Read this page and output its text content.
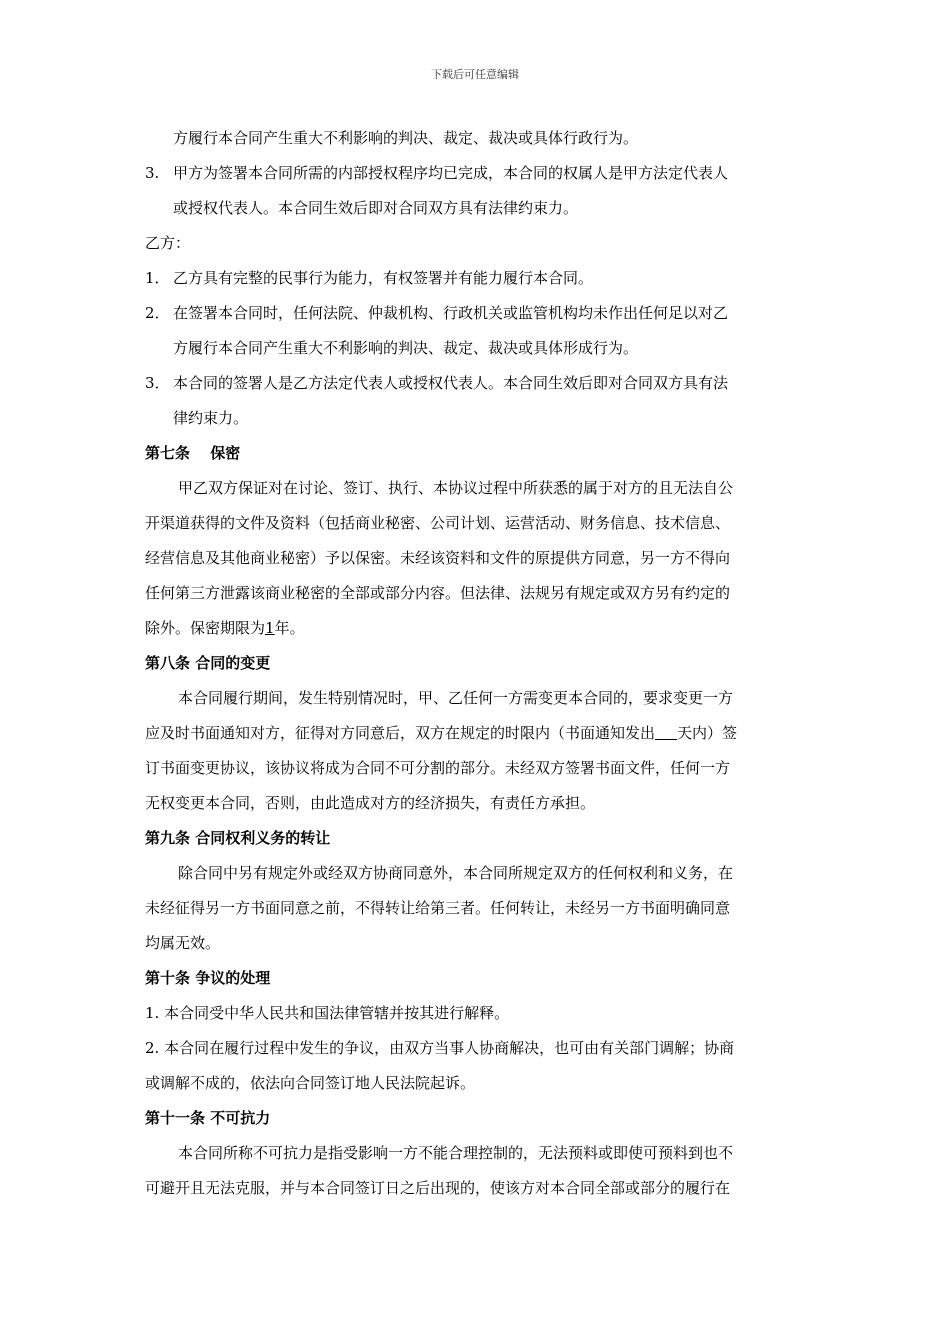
下载后可任意编辑
方履行本合同产生重大不利影响的判决、裁定、裁决或具体行政行为。
3. 甲方为签署本合同所需的内部授权程序均已完成，本合同的权属人是甲方法定代表人
或授权代表人。本合同生效后即对合同双方具有法律约束力。
乙方：
1． 乙方具有完整的民事行为能力，有权签署并有能力履行本合同。
2． 在签署本合同时，任何法院、仲裁机构、行政机关或监管机构均未作出任何足以对乙
方履行本合同产生重大不利影响的判决、裁定、裁决或具体形成行为。
3． 本合同的签署人是乙方法定代表人或授权代表人。本合同生效后即对合同双方具有法
律约束力。
第七条　 保密
甲乙双方保证对在讨论、签订、执行、本协议过程中所获悉的属于对方的且无法自公
开渠道获得的文件及资料（包括商业秘密、公司计划、运营活动、财务信息、技术信息、
经营信息及其他商业秘密）予以保密。未经该资料和文件的原提供方同意，另一方不得向
任何第三方泄露该商业秘密的全部或部分内容。但法律、法规另有规定或双方另有约定的
除外。保密期限为1年。
第八条 合同的变更
本合同履行期间，发生特别情况时，甲、乙任何一方需变更本合同的，要求变更一方
应及时书面通知对方，征得对方同意后，双方在规定的时限内（书面通知发出 天内）签
订书面变更协议，该协议将成为合同不可分割的部分。未经双方签署书面文件，任何一方
无权变更本合同，否则，由此造成对方的经济损失，有责任方承担。
第九条 合同权利义务的转让
除合同中另有规定外或经双方协商同意外，本合同所规定双方的任何权利和义务，在
未经征得另一方书面同意之前，不得转让给第三者。任何转让，未经另一方书面明确同意
均属无效。
第十条 争议的处理
1. 本合同受中华人民共和国法律管辖并按其进行解释。
2. 本合同在履行过程中发生的争议，由双方当事人协商解决，也可由有关部门调解；协商
或调解不成的，依法向合同签订地人民法院起诉。
第十一条 不可抗力
本合同所称不可抗力是指受影响一方不能合理控制的，无法预料或即使可预料到也不
可避开且无法克服，并与本合同签订日之后出现的，使该方对本合同全部或部分的履行在
